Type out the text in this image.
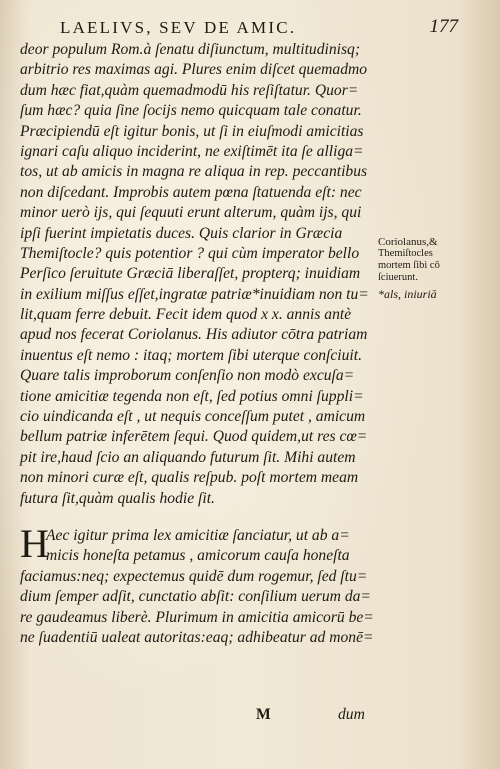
LAELIVS, SEV DE AMIC.	177
deor populum Rom.à ſenatu diſiunctum, multitudinisq;
arbitrio res maximas agi. Plures enim diſcet quemadmo
dum hæc fiat,quàm quemadmodū his reſiſtatur. Quor=
ſum hæc? quia ſine ſocijs nemo quicquam tale conatur.
Præcipiendū eſt igitur bonis, ut ſi in eiuſmodi amicitias
ignari caſu aliquo inciderint, ne exiſtimēt ita ſe alliga=
tos, ut ab amicis in magna re aliqua in rep. peccantibus
non diſcedant. Improbis autem pœna ſtatuenda eſt: nec
minor uerò ijs, qui ſequuti erunt alterum, quàm ijs, qui
ipſi fuerint impietatis duces. Quis clarior in Græcia
Themiſtocle? quis potentior ? qui cùm imperator bello
Perſico ſeruitute Græciā liberaſſet, propterq; inuidiam
in exilium miſſus eſſet,ingratæ patriæ*inuidiam non tu=
lit,quam ferre debuit. Fecit idem quod x x. annis antè
apud nos fecerat Coriolanus. His adiutor cōtra patriam
inuentus eſt nemo : itaq; mortem ſibi uterque conſciuit.
Quare talis improborum conſenſio non modò excuſa=
tione amicitiæ tegenda non eſt, ſed potius omni ſuppli=
cio uindicanda eſt , ut nequis conceſſum putet , amicum
bellum patriæ inferētem ſequi. Quod quidem,ut res cœ=
pit ire,haud ſcio an aliquando futurum ſit. Mihi autem
non minori curæ eſt, qualis reſpub. poſt mortem meam
futura ſit,quàm qualis hodie ſit.
Coriolanus,&
Themiſtocles
mortem ſibi cō
ſciuerunt.
*als, iniuriā
H
Aec igitur prima lex amicitiæ ſanciatur, ut ab a=
micis honeſta petamus , amicorum cauſa honeſta
faciamus:neq; expectemus quidē dum rogemur, ſed ſtu=
dium ſemper adſit, cunctatio abſit: conſilium uerum da=
re gaudeamus liberè. Plurimum in amicitia amicorū be=
ne ſuadentiū ualeat autoritas:eaq; adhibeatur ad monē=
M	dum
